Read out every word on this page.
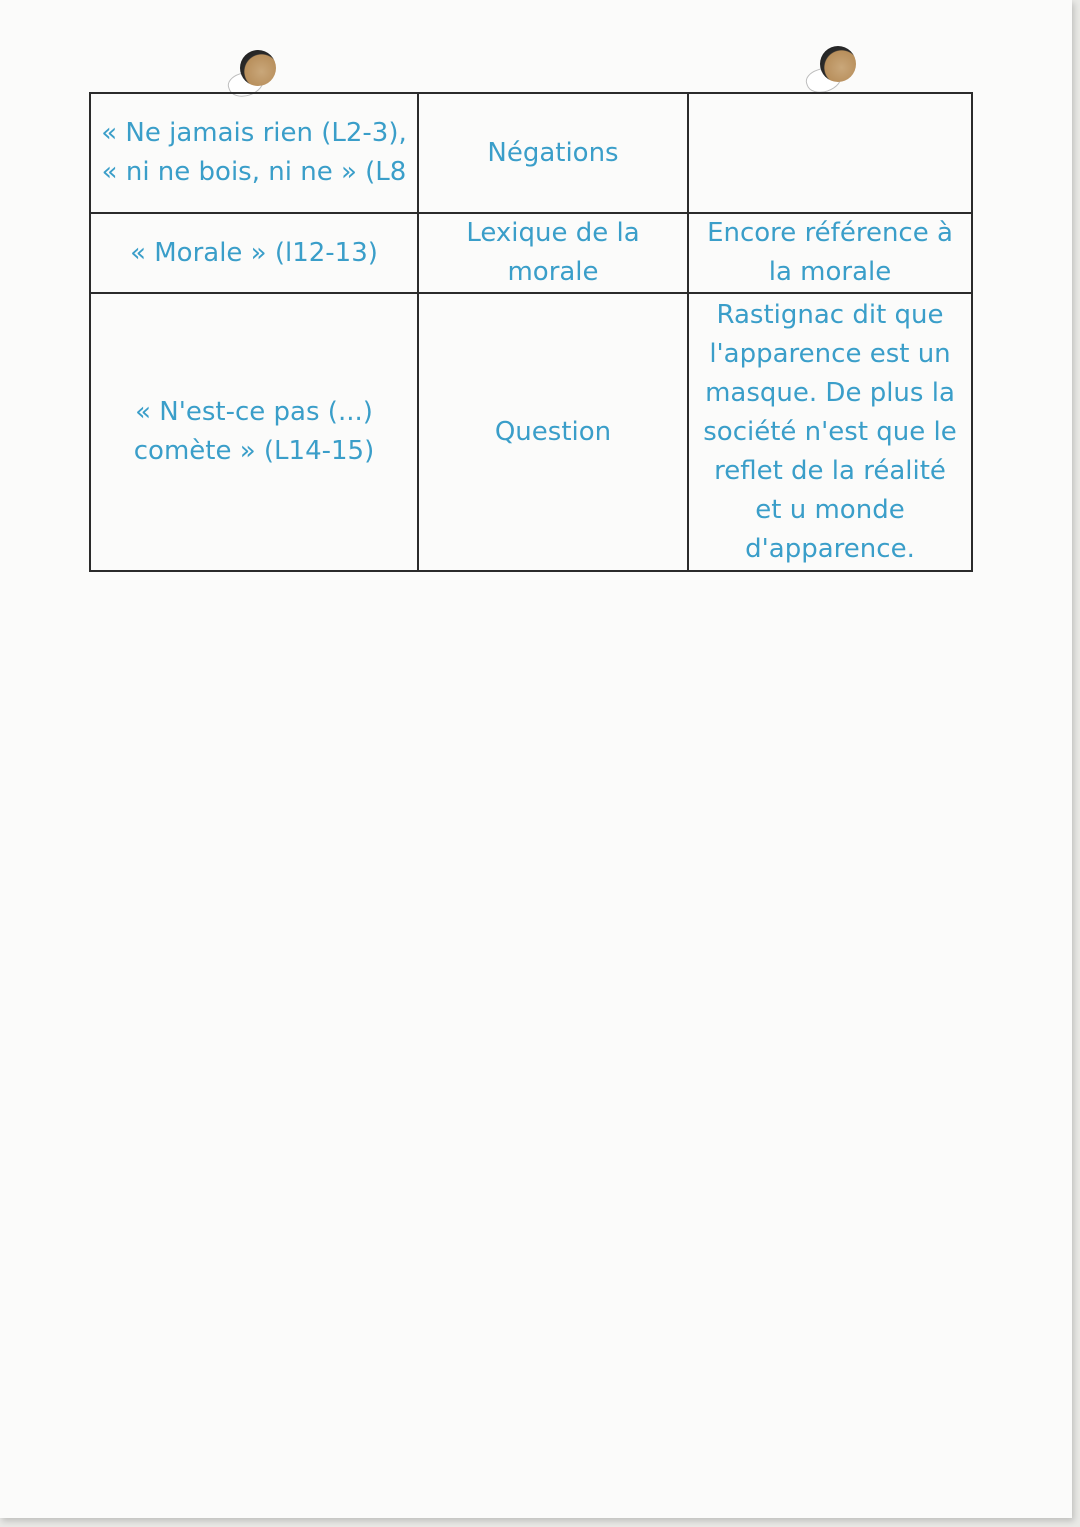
« Ne jamais rien (L2-3), « ni ne bois, ni ne » (L8	Négations	
« Morale » (l12-13)	Lexique de la morale	Encore référence à la morale
« N'est-ce pas (...) comète » (L14-15)	Question	Rastignac dit que l'apparence est un masque. De plus la société n'est que le reflet de la réalité et u monde d'apparence.
